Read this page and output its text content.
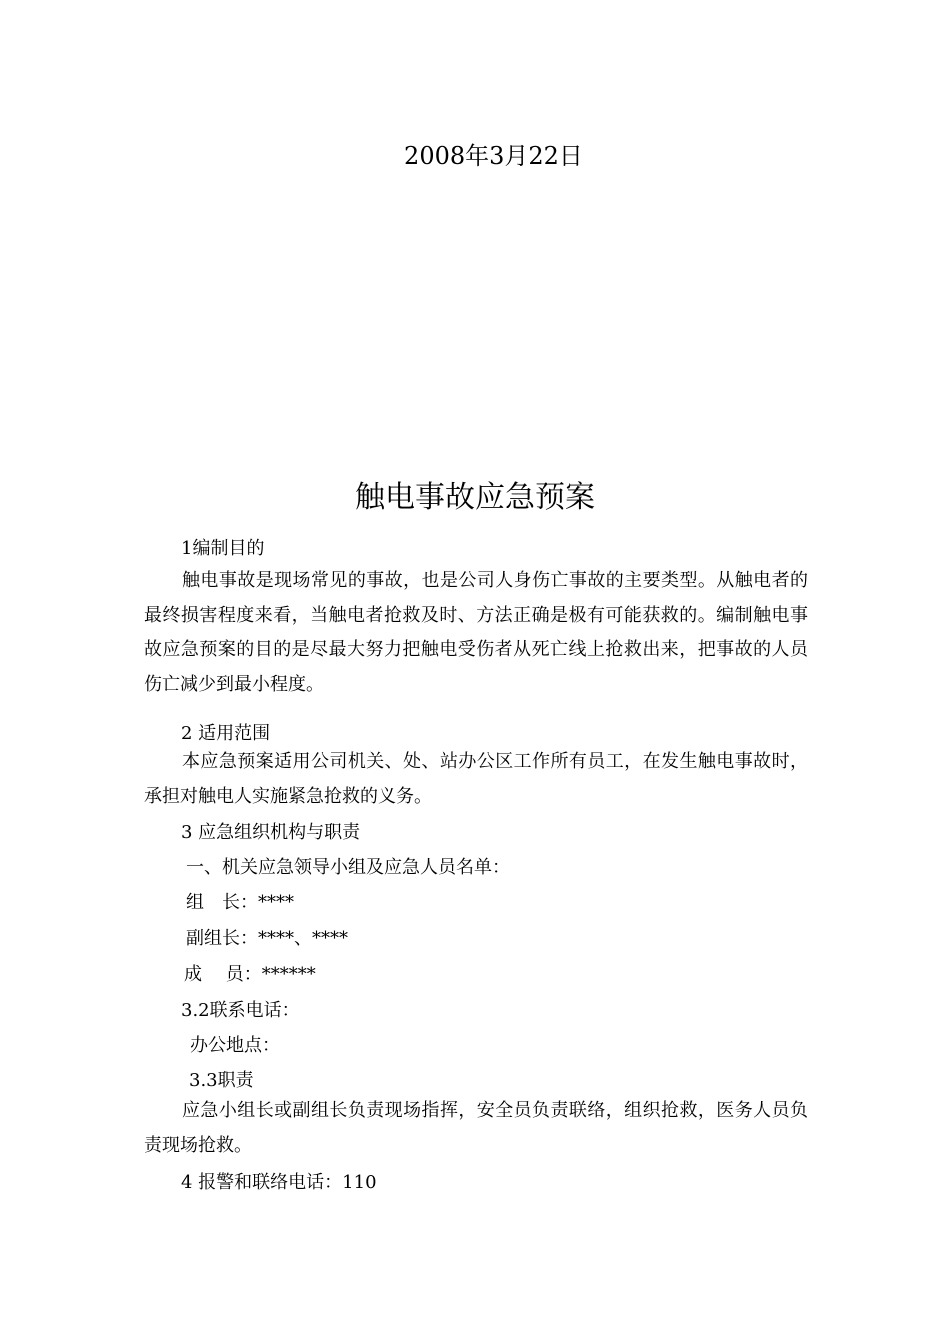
2008年3月22日
触电事故应急预案
1编制目的
触电事故是现场常见的事故，也是公司人身伤亡事故的主要类型。从触电者的最终损害程度来看，当触电者抢救及时、方法正确是极有可能获救的。编制触电事故应急预案的目的是尽最大努力把触电受伤者从死亡线上抢救出来，把事故的人员伤亡减少到最小程度。
2 适用范围
本应急预案适用公司机关、处、站办公区工作所有员工，在发生触电事故时，承担对触电人实施紧急抢救的义务。
3 应急组织机构与职责
一、机关应急领导小组及应急人员名单：
组　长：****
副组长：****、****
成　 员：******
3.2联系电话：
办公地点：
3.3职责
应急小组长或副组长负责现场指挥，安全员负责联络，组织抢救，医务人员负责现场抢救。
4 报警和联络电话：110
